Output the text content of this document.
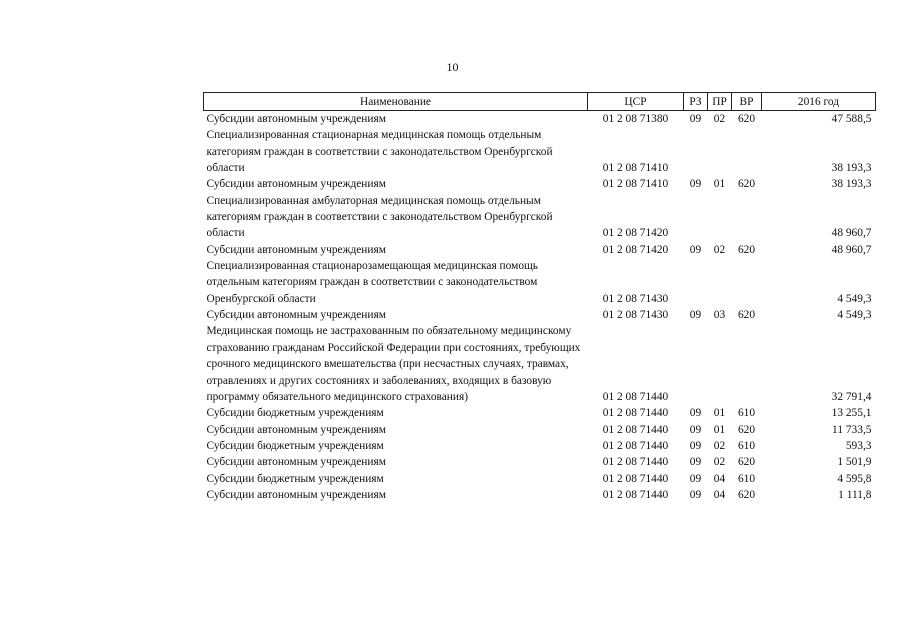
10
Наименование	ЦСР	РЗ	ПР	ВР	2016 год
Субсидии автономным учреждениям	01 2 08 71380	09	02	620	47 588,5
Специализированная стационарная медицинская помощь отдельным категориям граждан в соответствии с законодательством Оренбургской области	01 2 08 71410				38 193,3
Субсидии автономным учреждениям	01 2 08 71410	09	01	620	38 193,3
Специализированная амбулаторная медицинская помощь отдельным категориям граждан в соответствии с законодательством Оренбургской области	01 2 08 71420				48 960,7
Субсидии автономным учреждениям	01 2 08 71420	09	02	620	48 960,7
Специализированная стационарозамещающая медицинская помощь отдельным категориям граждан в соответствии с законодательством Оренбургской области	01 2 08 71430				4 549,3
Субсидии автономным учреждениям	01 2 08 71430	09	03	620	4 549,3
Медицинская помощь не застрахованным по обязательному медицинскому страхованию гражданам Российской Федерации при состояниях, требующих срочного медицинского вмешательства (при несчастных случаях, травмах, отравлениях и других состояниях и заболеваниях, входящих в базовую программу обязательного медицинского страхования)	01 2 08 71440				32 791,4
Субсидии бюджетным учреждениям	01 2 08 71440	09	01	610	13 255,1
Субсидии автономным учреждениям	01 2 08 71440	09	01	620	11 733,5
Субсидии бюджетным учреждениям	01 2 08 71440	09	02	610	593,3
Субсидии автономным учреждениям	01 2 08 71440	09	02	620	1 501,9
Субсидии бюджетным учреждениям	01 2 08 71440	09	04	610	4 595,8
Субсидии автономным учреждениям	01 2 08 71440	09	04	620	1 111,8
